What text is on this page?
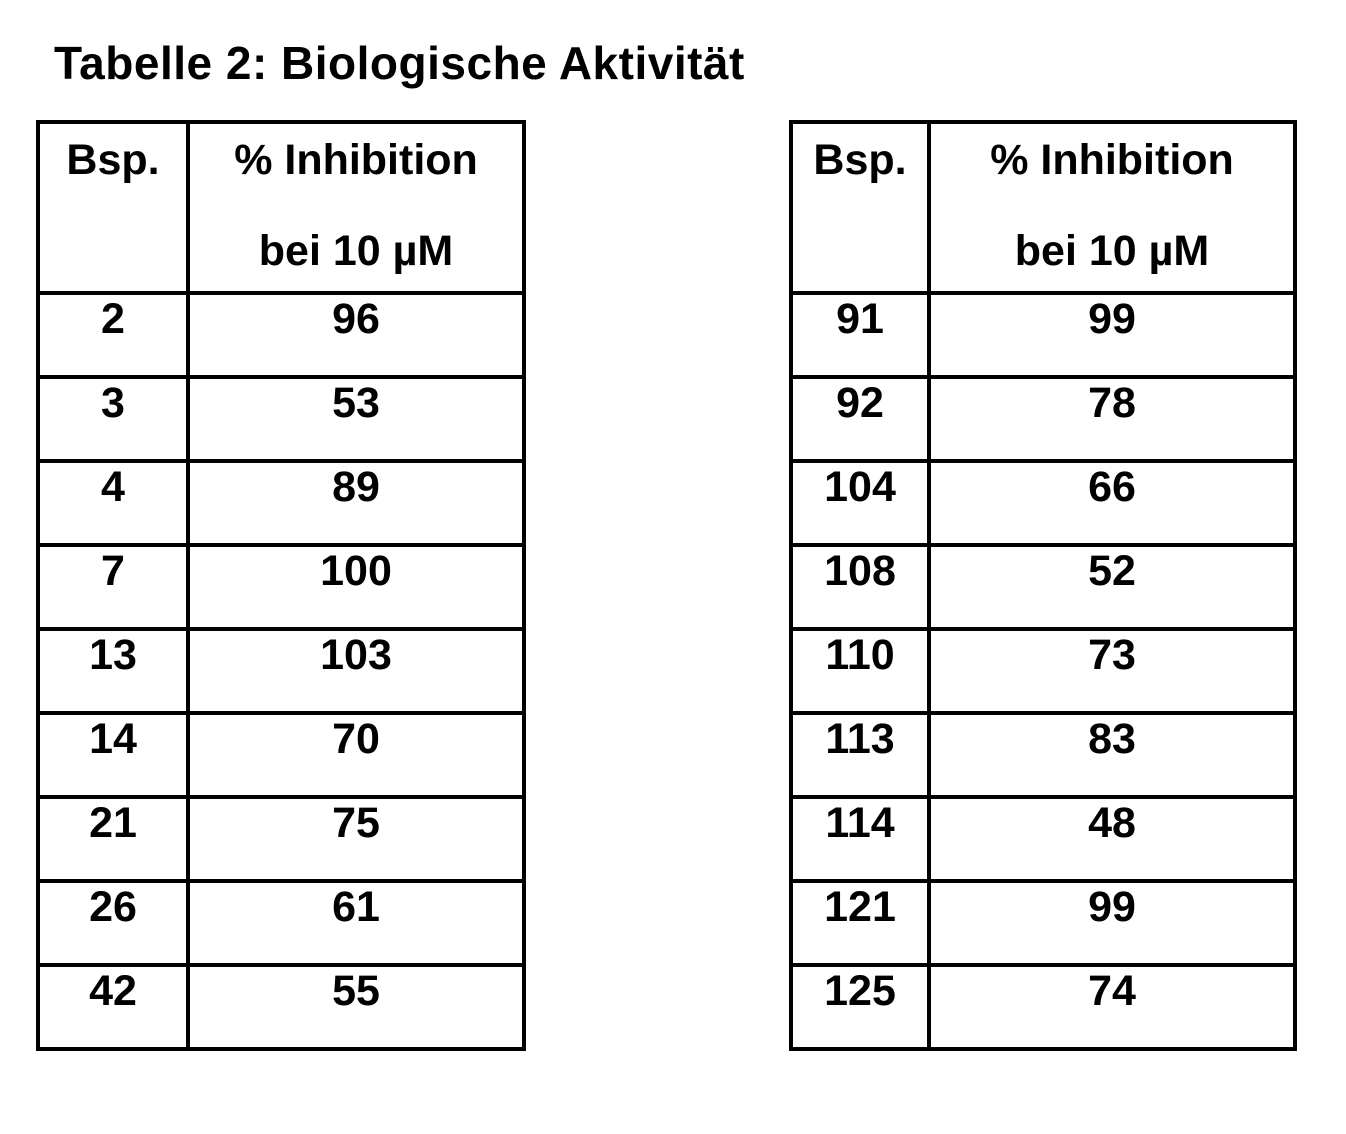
Tabelle 2: Biologische Aktivität
Bsp.	% Inhibition
bei 10 µM

2	96
3	53
4	89
7	100
13	103
14	70
21	75
26	61
42	55
Bsp.	% Inhibition
bei 10 µM

91	99
92	78
104	66
108	52
110	73
113	83
114	48
121	99
125	74
